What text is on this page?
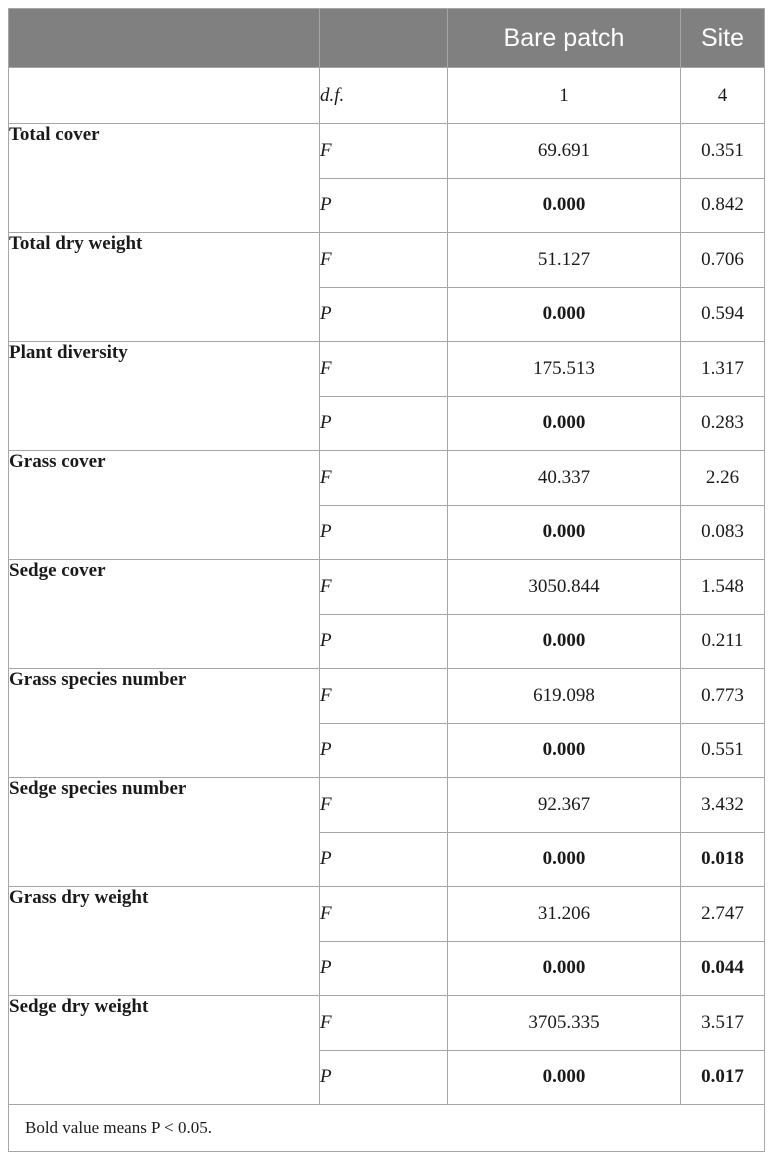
		Bare patch	Site
	d.f.	1	4
Total cover	F	69.691	0.351
	P	0.000	0.842
Total dry weight	F	51.127	0.706
	P	0.000	0.594
Plant diversity	F	175.513	1.317
	P	0.000	0.283
Grass cover	F	40.337	2.26
	P	0.000	0.083
Sedge cover	F	3050.844	1.548
	P	0.000	0.211
Grass species number	F	619.098	0.773
	P	0.000	0.551
Sedge species number	F	92.367	3.432
	P	0.000	0.018
Grass dry weight	F	31.206	2.747
	P	0.000	0.044
Sedge dry weight	F	3705.335	3.517
	P	0.000	0.017
Bold value means P < 0.05.			
